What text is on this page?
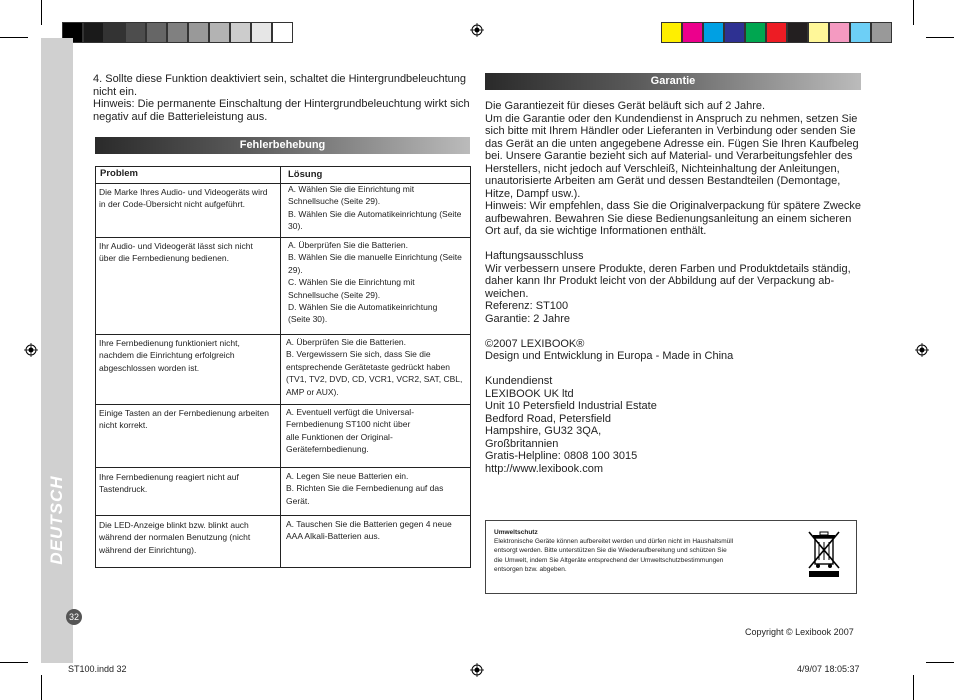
DEUTSCH
32
4. Sollte diese Funktion deaktiviert sein, schaltet die Hintergrundbeleuchtung
nicht ein.
Hinweis: Die permanente Einschaltung der Hintergrundbeleuchtung wirkt sich
negativ auf die Batterieleistung aus.
Fehlerbehebung
Problem	Lösung
Die Marke Ihres Audio- und Videogeräts wird
in der Code-Übersicht nicht aufgeführt.
A. Wählen Sie die Einrichtung mit
Schnellsuche (Seite 29).
B. Wählen Sie die Automatikeinrichtung (Seite
30).
Ihr Audio- und Videogerät lässt sich nicht
über die Fernbedienung bedienen.
A. Überprüfen Sie die Batterien.
B. Wählen Sie die manuelle Einrichtung (Seite
29).
C. Wählen Sie die Einrichtung mit
Schnellsuche (Seite 29).
D. Wählen Sie die Automatikeinrichtung
(Seite 30).
Ihre Fernbedienung funktioniert nicht,
nachdem die Einrichtung erfolgreich
abgeschlossen worden ist.
A. Überprüfen Sie die Batterien.
B. Vergewissern Sie sich, dass Sie die
entsprechende Gerätetaste gedrückt haben
(TV1, TV2, DVD, CD, VCR1, VCR2, SAT, CBL,
AMP or AUX).
Einige Tasten an der Fernbedienung arbeiten
nicht korrekt.
A. Eventuell verfügt die Universal-
Fernbedienung ST100 nicht über
alle Funktionen der Original-
Gerätefernbedienung.
Ihre Fernbedienung reagiert nicht auf
Tastendruck.
A. Legen Sie neue Batterien ein.
B. Richten Sie die Fernbedienung auf das
Gerät.
Die LED-Anzeige blinkt bzw. blinkt auch
während der normalen Benutzung (nicht
während der Einrichtung).
A. Tauschen Sie die Batterien gegen 4 neue
AAA Alkali-Batterien aus.
Garantie
Die Garantiezeit für dieses Gerät beläuft sich auf 2 Jahre.
Um die Garantie oder den Kundendienst in Anspruch zu nehmen, setzen Sie
sich bitte mit Ihrem Händler oder Lieferanten in Verbindung oder senden Sie
das Gerät an die unten angegebene Adresse ein. Fügen Sie Ihren Kaufbeleg
bei. Unsere Garantie bezieht sich auf Material- und Verarbeitungsfehler des
Herstellers, nicht jedoch auf Verschleiß, Nichteinhaltung der Anleitungen,
unautorisierte Arbeiten am Gerät und dessen Bestandteilen (Demontage,
Hitze, Dampf usw.).
Hinweis: Wir empfehlen, dass Sie die Originalverpackung für spätere Zwecke
aufbewahren. Bewahren Sie diese Bedienungsanleitung an einem sicheren
Ort auf, da sie wichtige Informationen enthält.

Haftungsausschluss
Wir verbessern unsere Produkte, deren Farben und Produktdetails ständig,
daher kann Ihr Produkt leicht von der Abbildung auf der Verpackung ab-
weichen.
Referenz: ST100
Garantie: 2 Jahre

©2007 LEXIBOOK®
Design und Entwicklung in Europa - Made in China

Kundendienst
LEXIBOOK UK ltd
Unit 10 Petersfield Industrial Estate
Bedford Road, Petersfield
Hampshire, GU32 3QA,
Großbritannien
Gratis-Helpline: 0808 100 3015
http://www.lexibook.com
Umweltschutz
Elektronische Geräte können aufbereitet werden und dürfen nicht im Haushaltsmüll
entsorgt werden. Bitte unterstützen Sie die Wiederaufbereitung und schützen Sie
die Umwelt, indem Sie Altgeräte entsprechend der Umweltschutzbestimmungen
entsorgen bzw. abgeben.
Copyright © Lexibook 2007
ST100.indd 32	4/9/07 18:05:37
